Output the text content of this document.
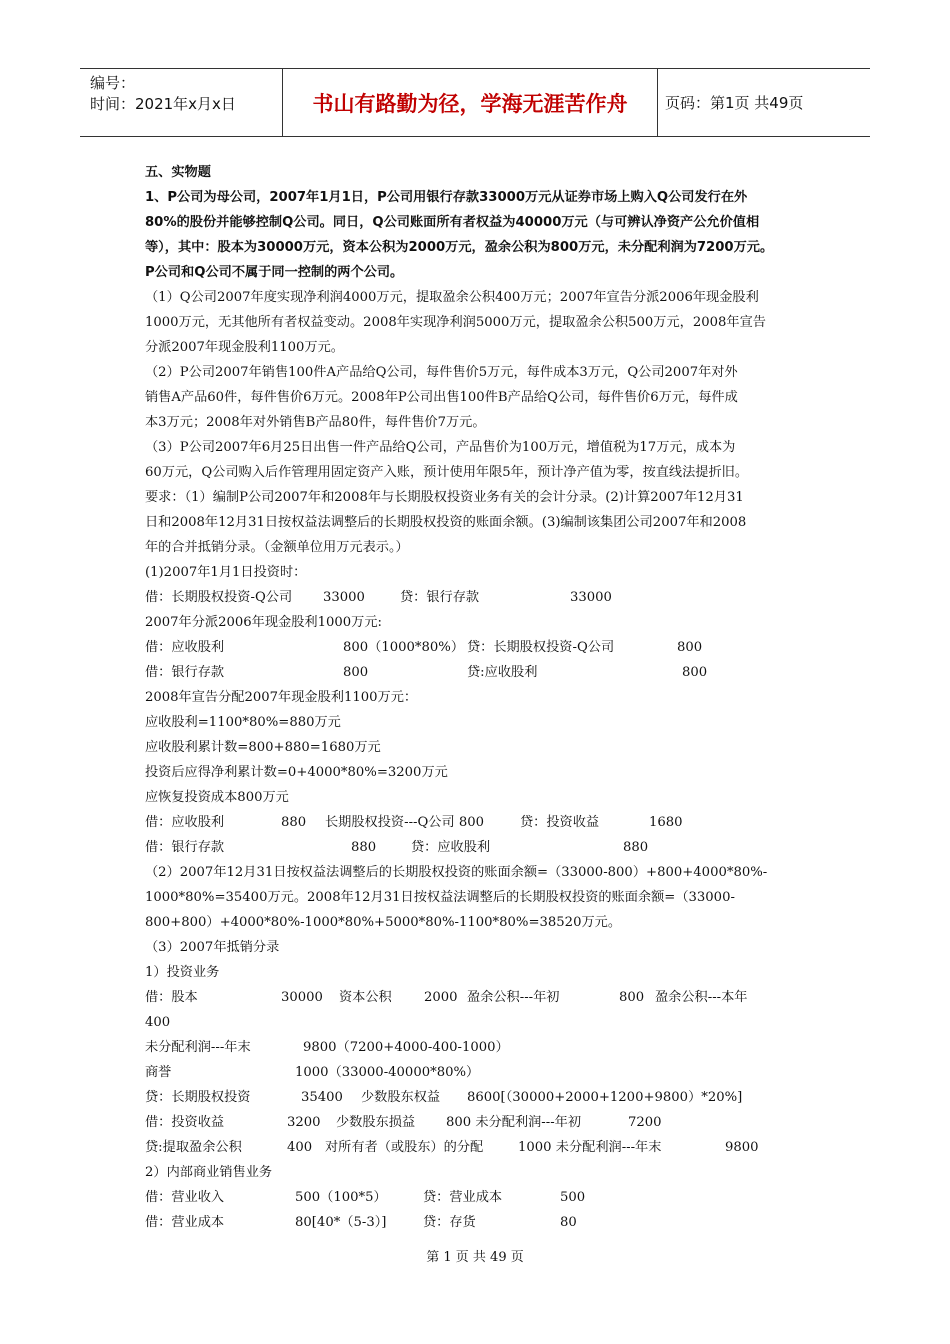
编号：
时间：2021年x月x日	书山有路勤为径，学海无涯苦作舟	页码：第1页 共49页
五、实物题
1、P公司为母公司，2007年1月1日，P公司用银行存款33000万元从证券市场上购入Q公司发行在外
80%的股份并能够控制Q公司。同日，Q公司账面所有者权益为40000万元（与可辨认净资产公允价值相
等），其中：股本为30000万元，资本公积为2000万元，盈余公积为800万元，未分配利润为7200万元。
P公司和Q公司不属于同一控制的两个公司。
（1）Q公司2007年度实现净利润4000万元，提取盈余公积400万元；2007年宣告分派2006年现金股利
1000万元，无其他所有者权益变动。2008年实现净利润5000万元，提取盈余公积500万元，2008年宣告
分派2007年现金股利1100万元。
（2）P公司2007年销售100件A产品给Q公司，每件售价5万元，每件成本3万元，Q公司2007年对外
销售A产品60件，每件售价6万元。2008年P公司出售100件B产品给Q公司，每件售价6万元，每件成
本3万元；2008年对外销售B产品80件，每件售价7万元。
（3）P公司2007年6月25日出售一件产品给Q公司，产品售价为100万元，增值税为17万元，成本为
60万元，Q公司购入后作管理用固定资产入账，预计使用年限5年，预计净产值为零，按直线法提折旧。
要求：（1）编制P公司2007年和2008年与长期股权投资业务有关的会计分录。(2)计算2007年12月31
日和2008年12月31日按权益法调整后的长期股权投资的账面余额。(3)编制该集团公司2007年和2008
年的合并抵销分录。（金额单位用万元表示。）
(1)2007年1月1日投资时：
借：长期股权投资-Q公司 33000	贷：银行存款	33000
2007年分派2006年现金股利1000万元:
借：应收股利	800（1000*80%） 贷：长期股权投资-Q公司	800
借：银行存款	800	贷:应收股利	800
2008年宣告分配2007年现金股利1100万元：
应收股利=1100*80%=880万元
应收股利累计数=800+880=1680万元
投资后应得净利累计数=0+4000*80%=3200万元
应恢复投资成本800万元
借：应收股利	880 长期股权投资---Q公司 800	贷：投资收益	1680
借：银行存款	880	贷：应收股利	880
（2）2007年12月31日按权益法调整后的长期股权投资的账面余额=（33000-800）+800+4000*80%-
1000*80%=35400万元。2008年12月31日按权益法调整后的长期股权投资的账面余额=（33000-
800+800）+4000*80%-1000*80%+5000*80%-1100*80%=38520万元。
（3）2007年抵销分录
1）投资业务
借：股本	30000 资本公积 2000 盈余公积---年初	800 盈余公积---本年
400
未分配利润---年末	9800（7200+4000-400-1000）
商誉	1000（33000-40000*80%）
贷：长期股权投资	35400 少数股东权益 8600[（30000+2000+1200+9800）*20%]
借：投资收益	3200 少数股东损益 800 未分配利润---年初	7200
贷:提取盈余公积	400 对所有者（或股东）的分配	1000 未分配利润---年末	9800
2）内部商业销售业务
借：营业收入	500（100*5）	贷：营业成本	500
借：营业成本	80[40*（5-3）]	贷：存货	80
第 1 页 共 49 页
